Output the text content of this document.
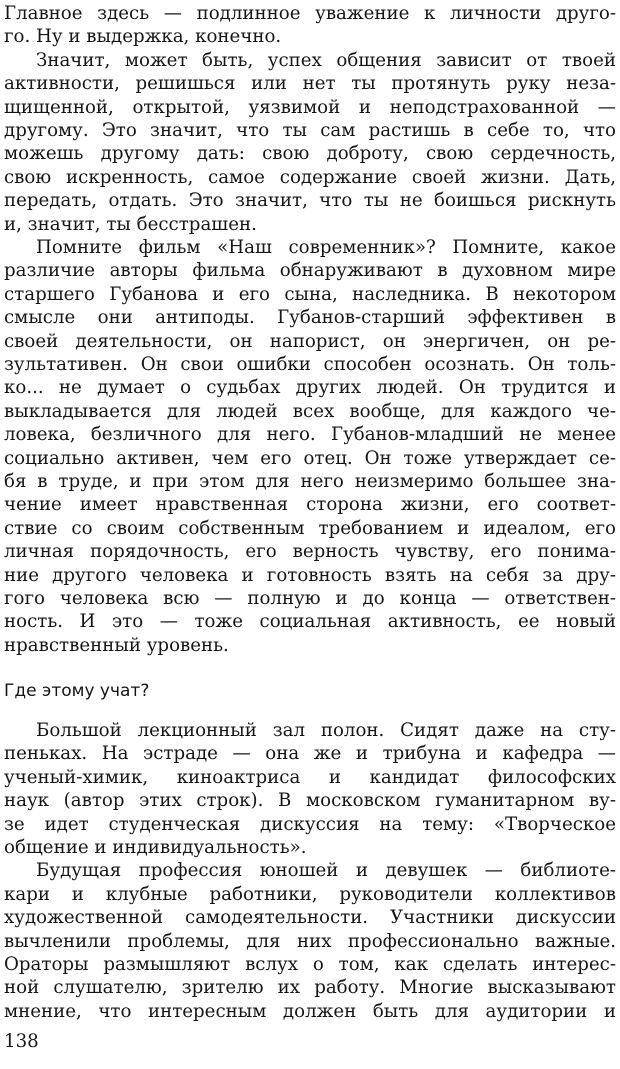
Главное здесь — подлинное уважение к личности друго-
го. Ну и выдержка, конечно.
Значит, может быть, успех общения зависит от твоей
активности, решишься или нет ты протянуть руку неза-
щищенной, открытой, уязвимой и неподстрахованной —
другому. Это значит, что ты сам растишь в себе то, что
можешь другому дать: свою доброту, свою сердечность,
свою искренность, самое содержание своей жизни. Дать,
передать, отдать. Это значит, что ты не боишься рискнуть
и, значит, ты бесстрашен.
Помните фильм «Наш современник»? Помните, какое
различие авторы фильма обнаруживают в духовном мире
старшего Губанова и его сына, наследника. В некотором
смысле они антиподы. Губанов-старший эффективен в
своей деятельности, он напорист, он энергичен, он ре-
зультативен. Он свои ошибки способен осознать. Он толь-
ко... не думает о судьбах других людей. Он трудится и
выкладывается для людей всех вообще, для каждого че-
ловека, безличного для него. Губанов-младший не менее
социально активен, чем его отец. Он тоже утверждает се-
бя в труде, и при этом для него неизмеримо большее зна-
чение имеет нравственная сторона жизни, его соответ-
ствие со своим собственным требованием и идеалом, его
личная порядочность, его верность чувству, его понима-
ние другого человека и готовность взять на себя за дру-
гого человека всю — полную и до конца — ответствен-
ность. И это — тоже социальная активность, ее новый
нравственный уровень.
Где этому учат?
Большой лекционный зал полон. Сидят даже на сту-
пеньках. На эстраде — она же и трибуна и кафедра —
ученый-химик, киноактриса и кандидат философских
наук (автор этих строк). В московском гуманитарном ву-
зе идет студенческая дискуссия на тему: «Творческое
общение и индивидуальность».
Будущая профессия юношей и девушек — библиоте-
кари и клубные работники, руководители коллективов
художественной самодеятельности. Участники дискуссии
вычленили проблемы, для них профессионально важные.
Ораторы размышляют вслух о том, как сделать интерес-
ной слушателю, зрителю их работу. Многие высказывают
мнение, что интересным должен быть для аудитории и
138
